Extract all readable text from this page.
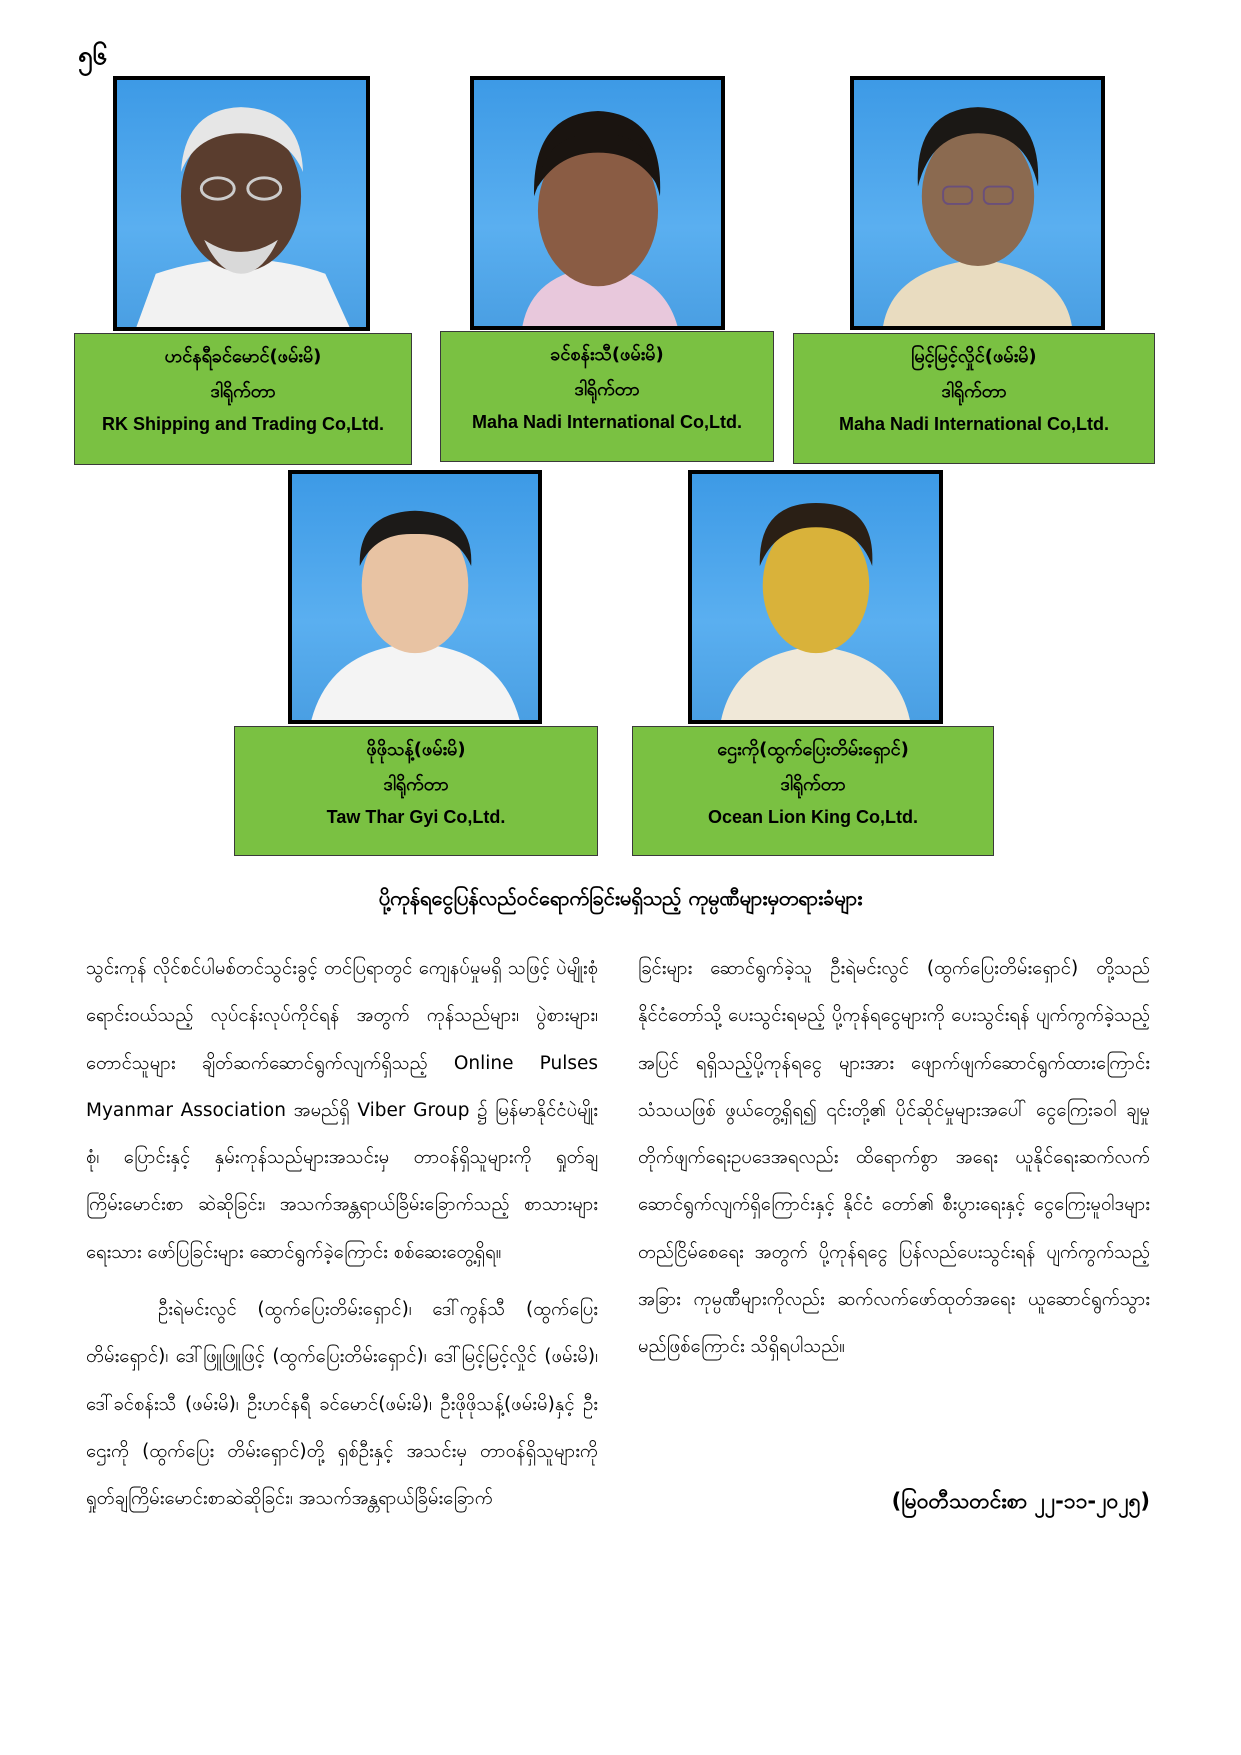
၅၆
ဟင်နရီခင်မောင်(ဖမ်းမိ)
ဒါရိုက်တာ
RK Shipping and Trading Co,Ltd.
ခင်စန်းသီ(ဖမ်းမိ)
ဒါရိုက်တာ
Maha Nadi International Co,Ltd.
မြင့်မြင့်လှိုင်(ဖမ်းမိ)
ဒါရိုက်တာ
Maha Nadi International Co,Ltd.
ဖိုဖိုသန့်(ဖမ်းမိ)
ဒါရိုက်တာ
Taw Thar Gyi Co,Ltd.
ဌေးကို(ထွက်ပြေးတိမ်းရှောင်)
ဒါရိုက်တာ
Ocean Lion King Co,Ltd.
ပို့ကုန်ရငွေပြန်လည်ဝင်ရောက်ခြင်းမရှိသည့် ကုမ္ပဏီများမှတရားခံများ

သွင်းကုန် လိုင်စင်ပါမစ်တင်သွင်းခွင့် တင်ပြရာတွင် ကျေနပ်မှုမရှိ သဖြင့် ပဲမျိုးစုံရောင်းဝယ်သည့် လုပ်ငန်းလုပ်ကိုင်ရန် အတွက် ကုန်သည်များ၊ ပွဲစားများ၊ တောင်သူများ ချိတ်ဆက်ဆောင်ရွက်လျက်ရှိသည့် Online Pulses Myanmar Association အမည်ရှိ Viber Group ၌ မြန်မာနိုင်ငံပဲမျိုးစုံ၊ ပြောင်းနှင့် နှမ်းကုန်သည်များအသင်းမှ တာဝန်ရှိသူများကို ရှုတ်ချကြိမ်းမောင်းစာ ဆဲဆိုခြင်း၊ အသက်အန္တရာယ်ခြိမ်းခြောက်သည့် စာသားများ ရေးသား ဖော်ပြခြင်းများ ဆောင်ရွက်ခဲ့ကြောင်း စစ်ဆေးတွေ့ရှိရ။

ဦးရဲမင်းလွင် (ထွက်ပြေးတိမ်းရှောင်)၊ ဒေါ်ကွန်သီ (ထွက်ပြေးတိမ်းရှောင်)၊ ဒေါ်ဖြူဖြူဖြင့် (ထွက်ပြေးတိမ်းရှောင်)၊ ဒေါ်မြင့်မြင့်လှိုင် (ဖမ်းမိ)၊ ဒေါ်ခင်စန်းသီ (ဖမ်းမိ)၊ ဦးဟင်နရီ ခင်မောင်(ဖမ်းမိ)၊ ဦးဖိုဖိုသန့်(ဖမ်းမိ)နှင့် ဦးဌေးကို (ထွက်ပြေး တိမ်းရှောင်)တို့ ရှစ်ဦးနှင့် အသင်းမှ တာဝန်ရှိသူများကို ရှုတ်ချကြိမ်းမောင်းစာဆဲဆိုခြင်း၊ အသက်အန္တရာယ်ခြိမ်းခြောက်

ခြင်းများ ဆောင်ရွက်ခဲ့သူ ဦးရဲမင်းလွင် (ထွက်ပြေးတိမ်းရှောင်) တို့သည် နိုင်ငံတော်သို့ ပေးသွင်းရမည့် ပို့ကုန်ရငွေများကို ပေးသွင်းရန် ပျက်ကွက်ခဲ့သည့်အပြင် ရရှိသည့်ပို့ကုန်ရငွေ များအား ဖျောက်ဖျက်ဆောင်ရွက်ထားကြောင်း သံသယဖြစ် ဖွယ်တွေ့ရှိရ၍ ၎င်းတို့၏ ပိုင်ဆိုင်မှုများအပေါ် ငွေကြေးခဝါ ချမှုတိုက်ဖျက်ရေးဥပဒေအရလည်း ထိရောက်စွာ အရေး ယူနိုင်ရေးဆက်လက်ဆောင်ရွက်လျက်ရှိကြောင်းနှင့် နိုင်ငံ တော်၏ စီးပွားရေးနှင့် ငွေကြေးမူဝါဒများ တည်ငြိမ်စေရေး အတွက် ပို့ကုန်ရငွေ ပြန်လည်ပေးသွင်းရန် ပျက်ကွက်သည့် အခြား ကုမ္ပဏီများကိုလည်း ဆက်လက်ဖော်ထုတ်အရေး ယူဆောင်ရွက်သွားမည်ဖြစ်ကြောင်း သိရှိရပါသည်။

(မြဝတီသတင်းစာ ၂၂-၁၁-၂၀၂၅)
